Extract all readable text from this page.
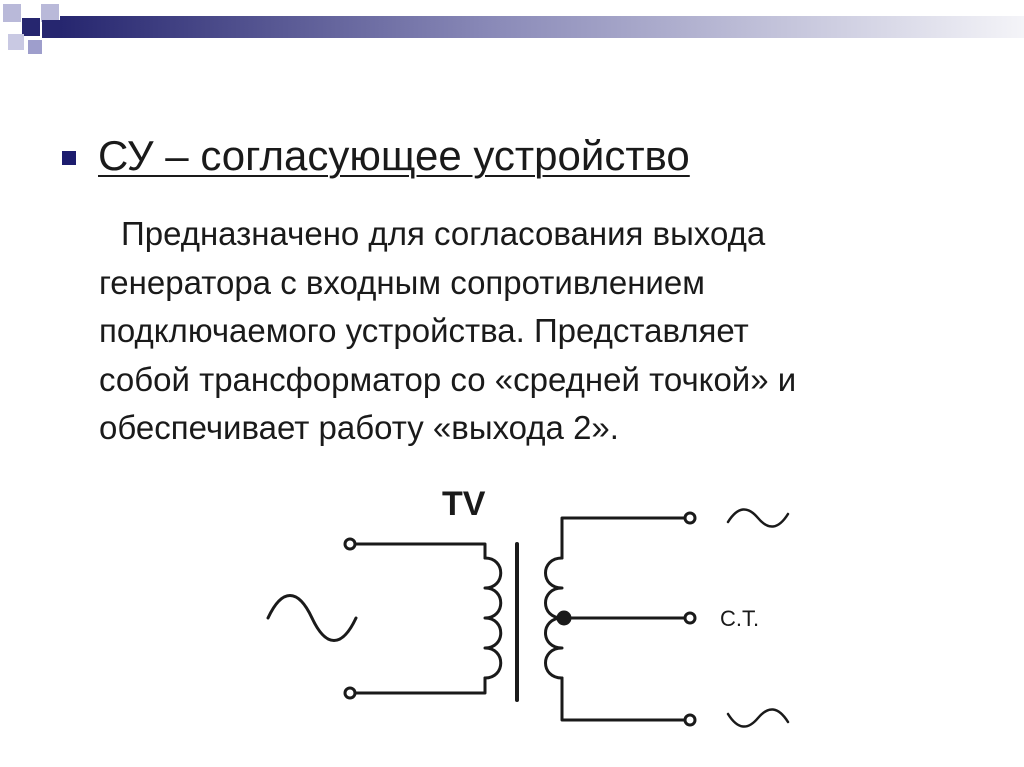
СУ – согласующее устройство
Предназначено для согласования выхода
генератора с входным сопротивлением
подключаемого устройства. Представляет
собой трансформатор со «средней точкой» и
обеспечивает работу «выхода 2».
TV
С.Т.
